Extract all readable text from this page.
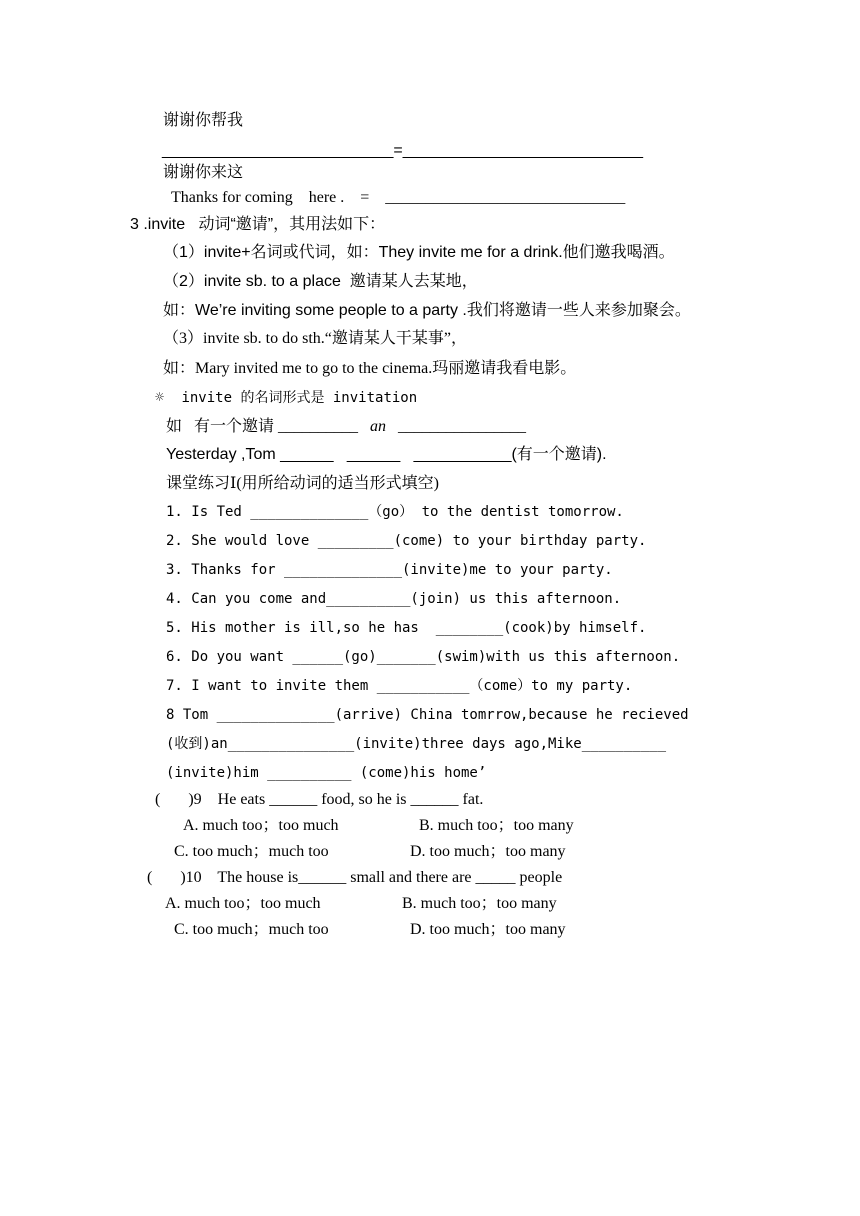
谢谢你帮我
__________________________=___________________________
谢谢你来这
Thanks for coming    here .    =    ______________________________
3 .invite   动词“邀请”，其用法如下：
（1）invite+名词或代词，如：They invite me for a drink.他们邀我喝酒。
（2）invite sb. to a place  邀请某人去某地，
如：We’re inviting some people to a party .我们将邀请一些人来参加聚会。
（3）invite sb. to do sth.“邀请某人干某事”，
如：Mary invited me to go to the cinema.玛丽邀请我看电影。
☼ invite 的名词形式是 invitation
如   有一个邀请 __________   an   ________________
Yesterday ,Tom ______   ______   ___________(有一个邀请).
课堂练习Ⅰ(用所给动词的适当形式填空)
1. Is Ted ______________（go） to the dentist tomorrow.
2. She would love _________(come) to your birthday party.
3. Thanks for ______________(invite)me to your party.
4. Can you come and__________(join) us this afternoon.
5. His mother is ill,so he has  ________(cook)by himself.
6. Do you want ______(go)_______(swim)with us this afternoon.
7. I want to invite them ___________（come）to my party.
8 Tom ______________(arrive) China tomrrow,because he recieved
(收到)an_______________(invite)three days ago,Mike__________
(invite)him __________ (come)his home’
(       )9    He eats ______ food, so he is ______ fat.
A. much too；too much	B. much too；too many
C. too much；much too	D. too much；too many
(       )10    The house is______ small and there are _____ people
A. much too；too much	B. much too；too many
C. too much；much too	D. too much；too many
